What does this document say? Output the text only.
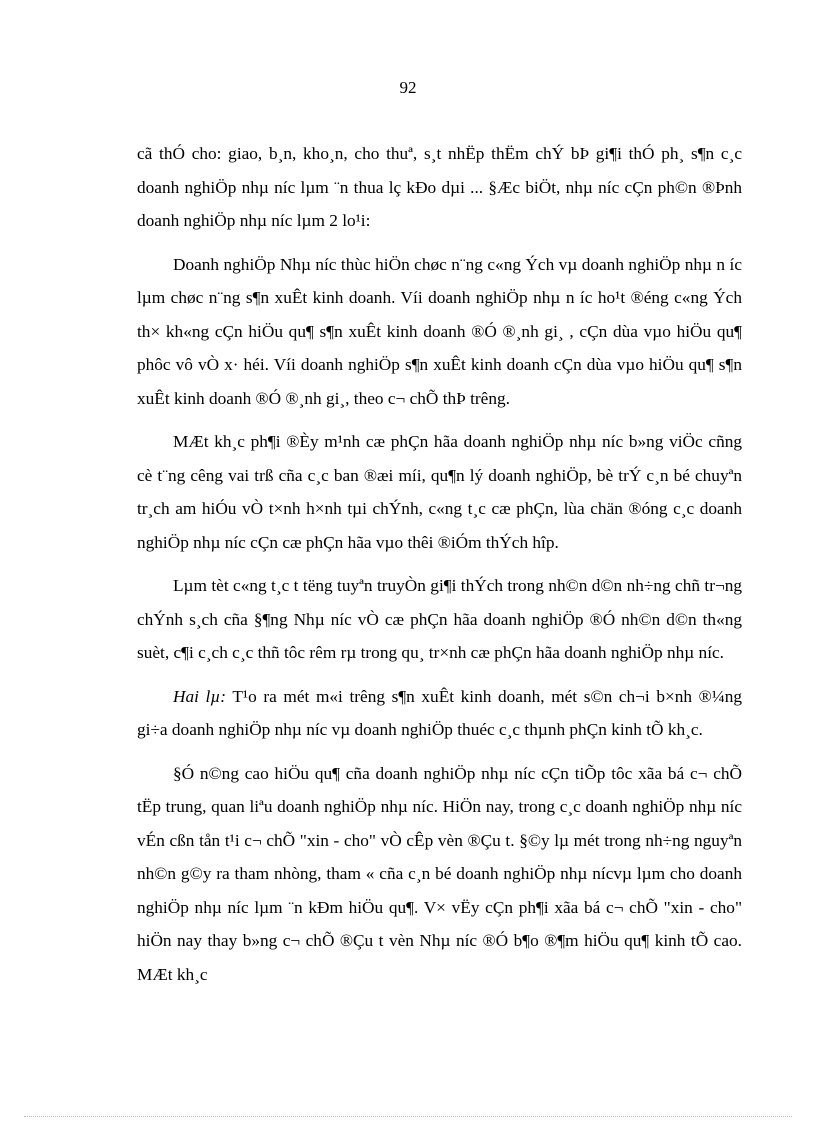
92

cã thÓ cho: giao, b¸n, kho¸n, cho thuª, s¸t nhËp thËm chÝ bÞ gi¶i thÓ ph¸ s¶n c¸c doanh nghiÖp nhµ níc lµm ¨n thua lç kÐo dµi ... §Æc biÖt, nhµ níc cÇn ph©n ®Þnh doanh nghiÖp nhµ níc lµm 2 lo¹i:

Doanh nghiÖp Nhµ níc thùc hiÖn chøc n¨ng c«ng Ých vµ doanh nghiÖp nhµ n íc lµm chøc n¨ng s¶n xuÊt kinh doanh. Víi doanh nghiÖp nhµ n íc ho¹t ®éng c«ng Ých th× kh«ng cÇn hiÖu qu¶ s¶n xuÊt kinh doanh ®Ó ®¸nh gi¸ , cÇn dùa vµo hiÖu qu¶ phôc vô vÒ x· héi. Víi doanh nghiÖp s¶n xuÊt kinh doanh cÇn dùa vµo hiÖu qu¶ s¶n xuÊt kinh doanh ®Ó ®¸nh gi¸, theo c¬ chÕ thÞ trêng.

MÆt kh¸c ph¶i ®Èy m¹nh cæ phÇn hãa doanh nghiÖp nhµ níc b»ng viÖc cñng cè t¨ng cêng vai trß cña c¸c ban ®æi míi, qu¶n lý doanh nghiÖp, bè trÝ c¸n bé chuyªn tr¸ch am hiÓu vÒ t×nh h×nh tµi chÝnh, c«ng t¸c cæ phÇn, lùa chän ®óng c¸c doanh nghiÖp nhµ níc cÇn cæ phÇn hãa vµo thêi ®iÓm thÝch hîp.

Lµm tèt c«ng t¸c t tëng tuyªn truyÒn gi¶i thÝch trong nh©n d©n nh÷ng chñ tr¬ng chÝnh s¸ch cña §¶ng Nhµ níc vÒ cæ phÇn hãa doanh nghiÖp ®Ó nh©n d©n th«ng suèt, c¶i c¸ch c¸c thñ tôc rêm rµ trong qu¸ tr×nh cæ phÇn hãa doanh nghiÖp nhµ níc.

Hai lµ: T¹o ra mét m«i trêng s¶n xuÊt kinh doanh, mét s©n ch¬i b×nh ®¼ng gi÷a doanh nghiÖp nhµ níc vµ doanh nghiÖp thuéc c¸c thµnh phÇn kinh tÕ kh¸c.

§Ó n©ng cao hiÖu qu¶ cña doanh nghiÖp nhµ níc cÇn tiÕp tôc xãa bá c¬ chÕ tËp trung, quan liªu doanh nghiÖp nhµ níc. HiÖn nay, trong c¸c doanh nghiÖp nhµ níc vÉn cßn tån t¹i c¬ chÕ "xin - cho" vÒ cÊp vèn ®Çu t. §©y lµ mét trong nh÷ng nguyªn nh©n g©y ra tham nhòng, tham « cña c¸n bé doanh nghiÖp nhµ nícvµ lµm cho doanh nghiÖp nhµ níc lµm ¨n kÐm hiÖu qu¶. V× vËy cÇn ph¶i xãa bá c¬ chÕ "xin - cho" hiÖn nay thay b»ng c¬ chÕ ®Çu t vèn Nhµ níc ®Ó b¶o ®¶m hiÖu qu¶ kinh tÕ cao. MÆt kh¸c
